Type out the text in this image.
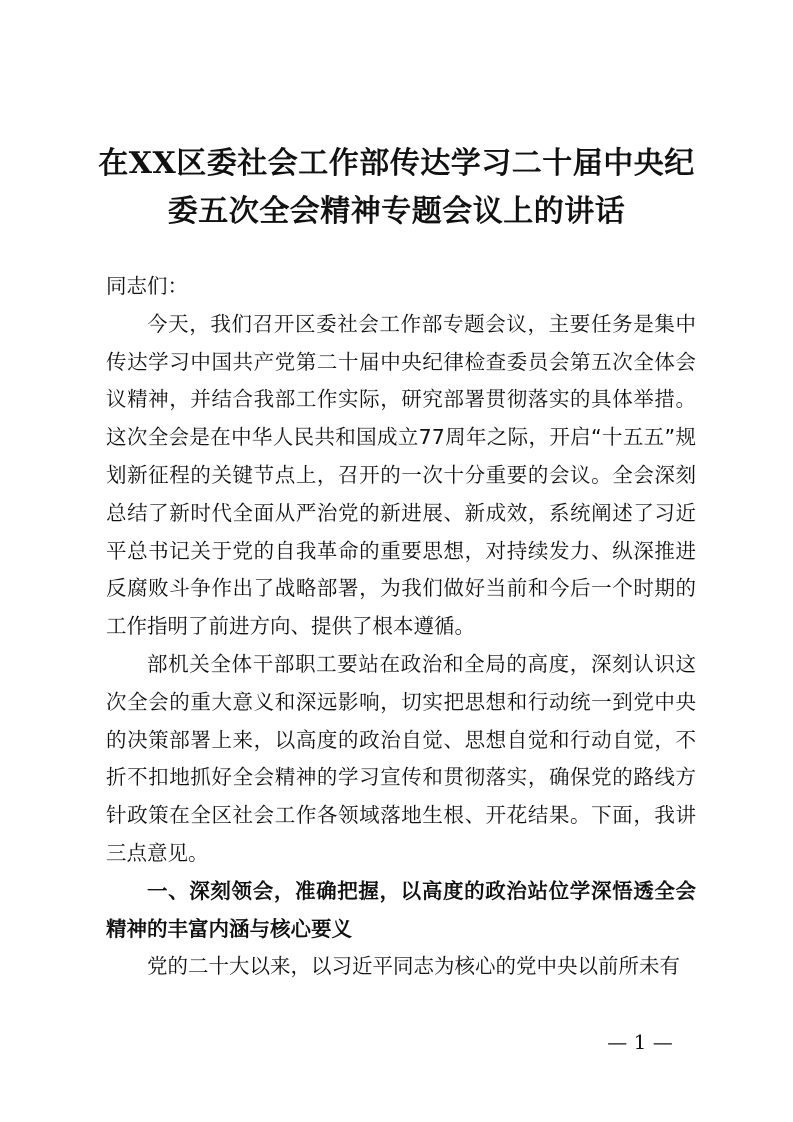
在XX区委社会工作部传达学习二十届中央纪
委五次全会精神专题会议上的讲话

同志们：

今天，我们召开区委社会工作部专题会议，主要任务是集中传达学习中国共产党第二十届中央纪律检查委员会第五次全体会议精神，并结合我部工作实际，研究部署贯彻落实的具体举措。这次全会是在中华人民共和国成立77周年之际，开启“十五五”规划新征程的关键节点上，召开的一次十分重要的会议。全会深刻总结了新时代全面从严治党的新进展、新成效，系统阐述了习近平总书记关于党的自我革命的重要思想，对持续发力、纵深推进反腐败斗争作出了战略部署，为我们做好当前和今后一个时期的工作指明了前进方向、提供了根本遵循。

部机关全体干部职工要站在政治和全局的高度，深刻认识这次全会的重大意义和深远影响，切实把思想和行动统一到党中央的决策部署上来，以高度的政治自觉、思想自觉和行动自觉，不折不扣地抓好全会精神的学习宣传和贯彻落实，确保党的路线方针政策在全区社会工作各领域落地生根、开花结果。下面，我讲三点意见。

一、深刻领会，准确把握，以高度的政治站位学深悟透全会精神的丰富内涵与核心要义

党的二十大以来，以习近平同志为核心的党中央以前所未有

— 1 —
